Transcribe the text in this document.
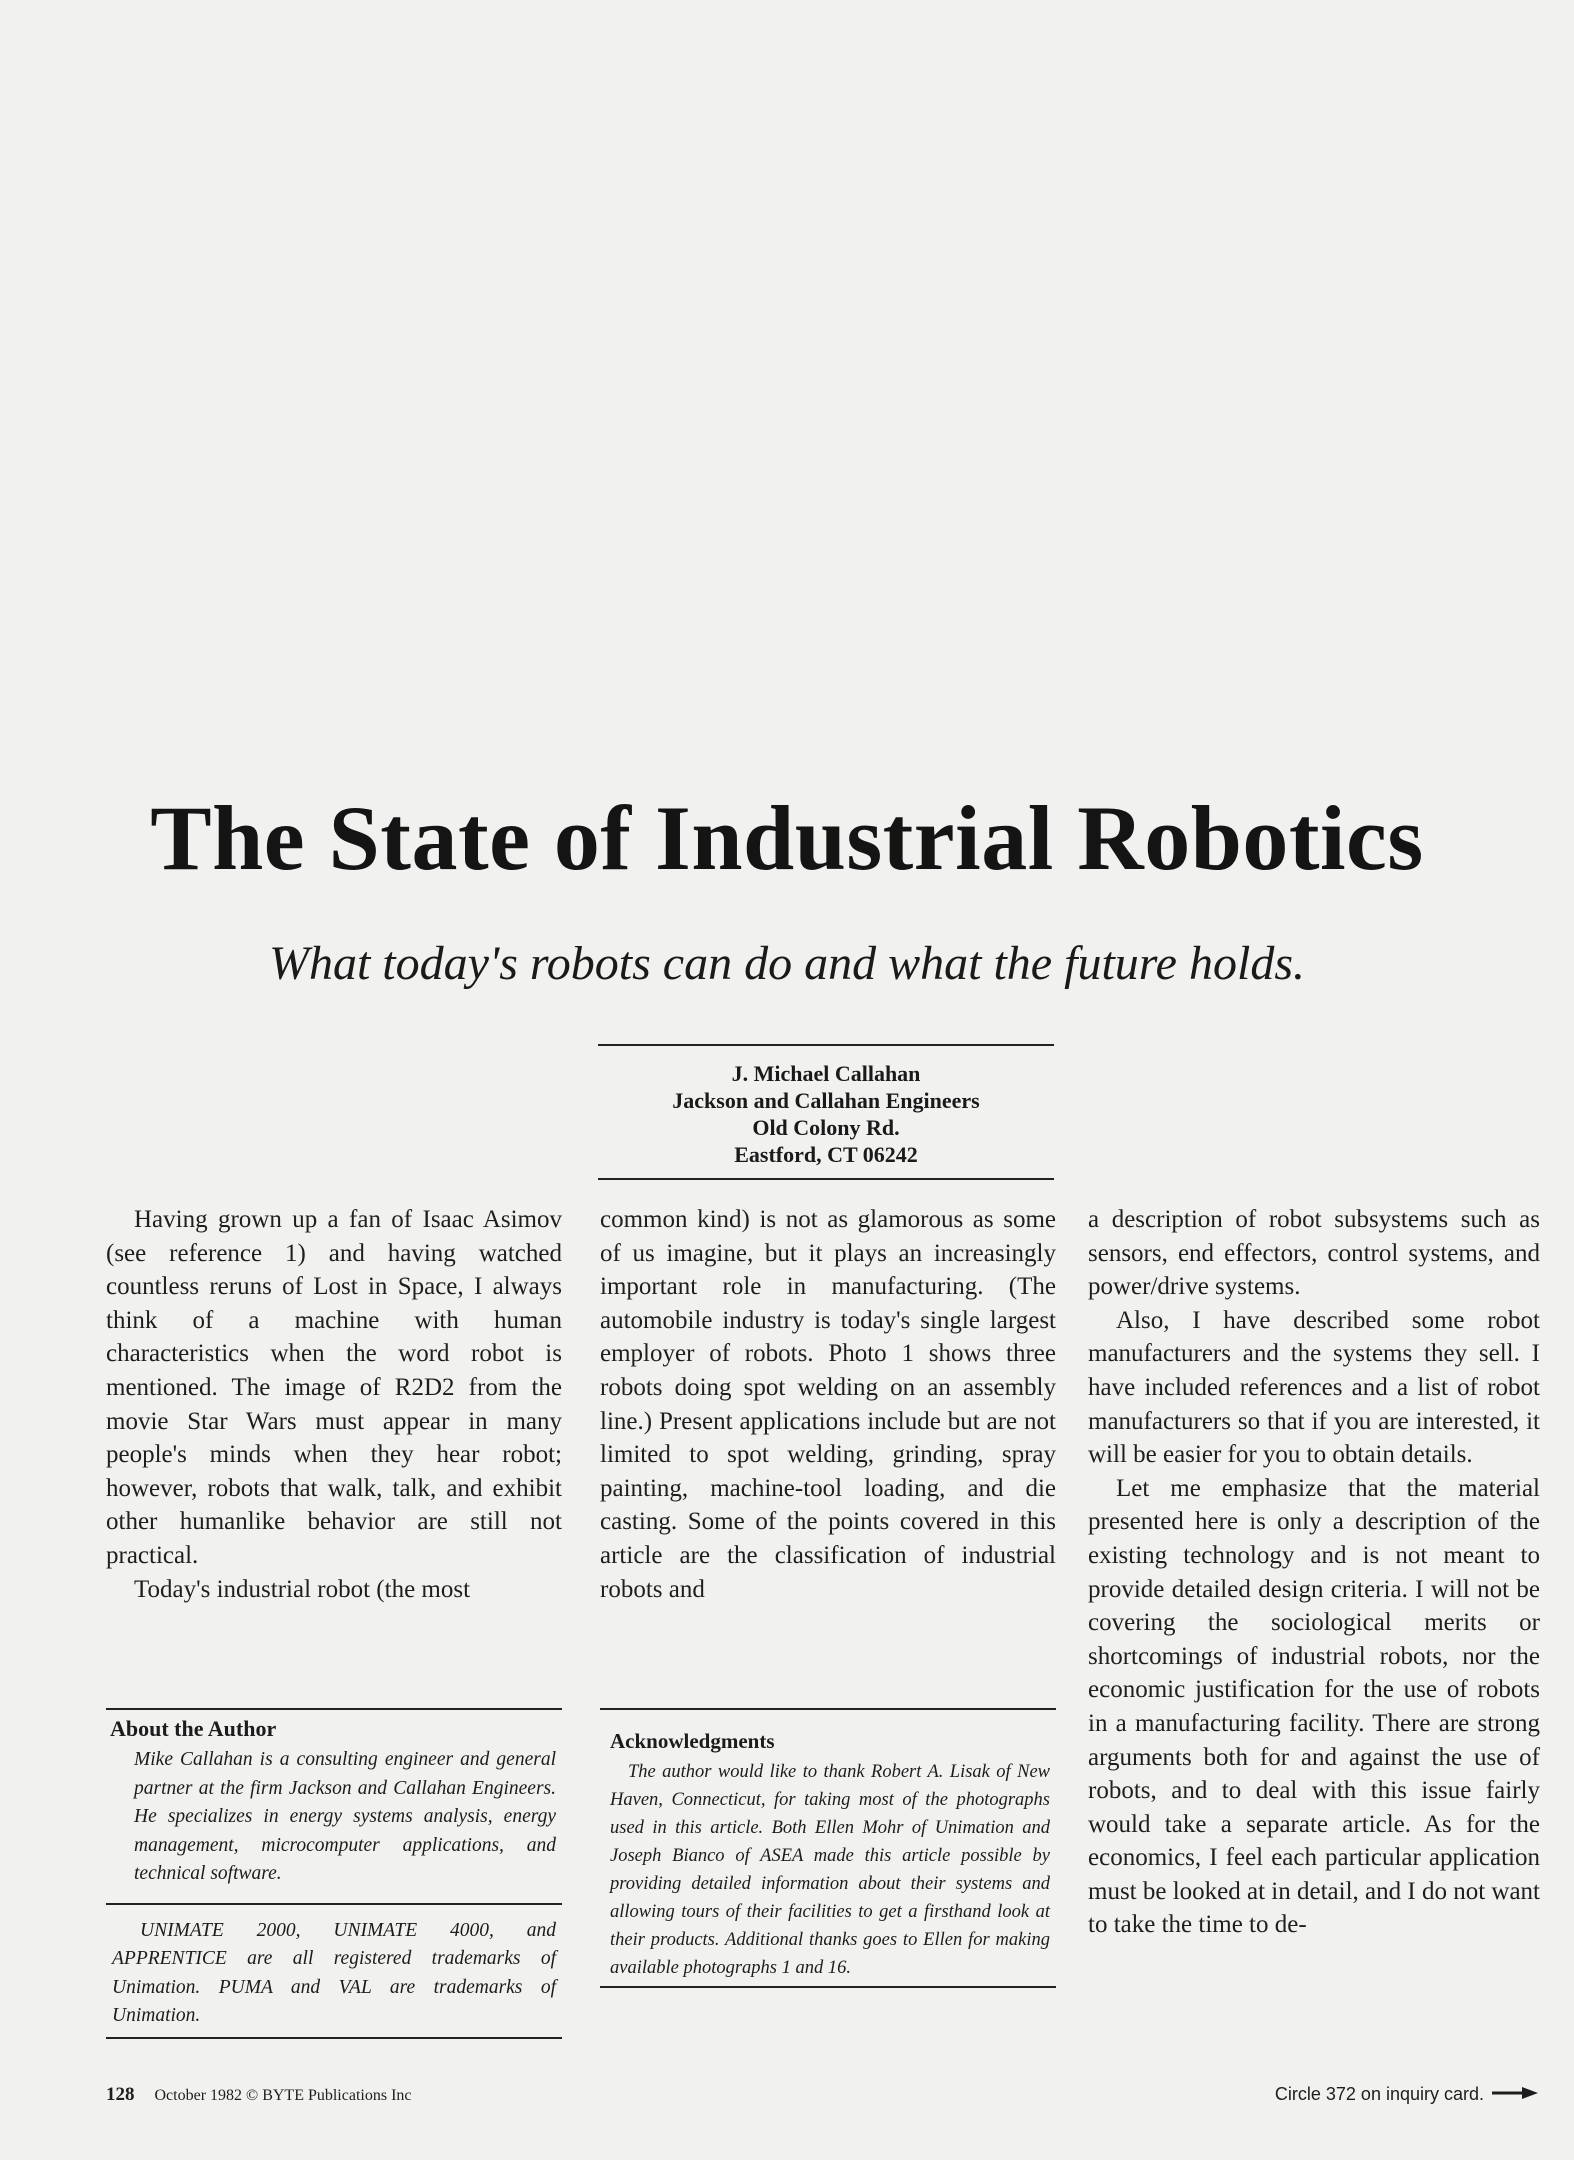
The State of Industrial Robotics
What today's robots can do and what the future holds.
J. Michael Callahan
Jackson and Callahan Engineers
Old Colony Rd.
Eastford, CT 06242

Having grown up a fan of Isaac Asimov (see reference 1) and having watched countless reruns of Lost in Space, I always think of a machine with human characteristics when the word robot is mentioned. The image of R2D2 from the movie Star Wars must appear in many people's minds when they hear robot; however, robots that walk, talk, and exhibit other humanlike behavior are still not practical.

Today's industrial robot (the most

common kind) is not as glamorous as some of us imagine, but it plays an increasingly important role in manufacturing. (The automobile industry is today's single largest employer of robots. Photo 1 shows three robots doing spot welding on an assembly line.) Present applications include but are not limited to spot welding, grinding, spray painting, machine-tool loading, and die casting. Some of the points covered in this article are the classification of industrial robots and

a description of robot subsystems such as sensors, end effectors, control systems, and power/drive systems.

Also, I have described some robot manufacturers and the systems they sell. I have included references and a list of robot manufacturers so that if you are interested, it will be easier for you to obtain details.

Let me emphasize that the material presented here is only a description of the existing technology and is not meant to provide detailed design criteria. I will not be covering the sociological merits or shortcomings of industrial robots, nor the economic justification for the use of robots in a manufacturing facility. There are strong arguments both for and against the use of robots, and to deal with this issue fairly would take a separate article. As for the economics, I feel each particular application must be looked at in detail, and I do not want to take the time to de-

About the Author
Mike Callahan is a consulting engineer and general partner at the firm Jackson and Callahan Engineers. He specializes in energy systems analysis, energy management, microcomputer applications, and technical software.
UNIMATE 2000, UNIMATE 4000, and APPRENTICE are all registered trademarks of Unimation. PUMA and VAL are trademarks of Unimation.
Acknowledgments
The author would like to thank Robert A. Lisak of New Haven, Connecticut, for taking most of the photographs used in this article. Both Ellen Mohr of Unimation and Joseph Bianco of ASEA made this article possible by providing detailed information about their systems and allowing tours of their facilities to get a firsthand look at their products. Additional thanks goes to Ellen for making available photographs 1 and 16.
128 October 1982 © BYTE Publications Inc	Circle 372 on inquiry card.
